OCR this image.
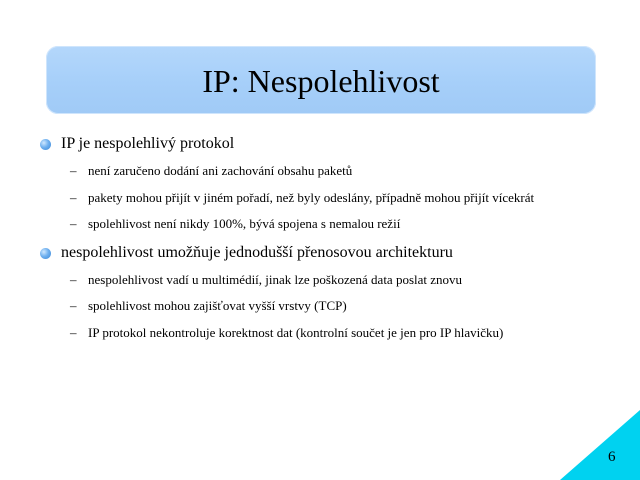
IP: Nespolehlivost
IP je nespolehlivý protokol
– není zaručeno dodání ani zachování obsahu paketů
– pakety mohou přijít v jiném pořadí, než byly odeslány, případně mohou přijít vícekrát
– spolehlivost není nikdy 100%, bývá spojena s nemalou režií
nespolehlivost umožňuje jednodušší přenosovou architekturu
– nespolehlivost vadí u multimédií, jinak lze poškozená data poslat znovu
– spolehlivost mohou zajišťovat vyšší vrstvy (TCP)
– IP protokol nekontroluje korektnost dat (kontrolní součet je jen pro IP hlavičku)
6
